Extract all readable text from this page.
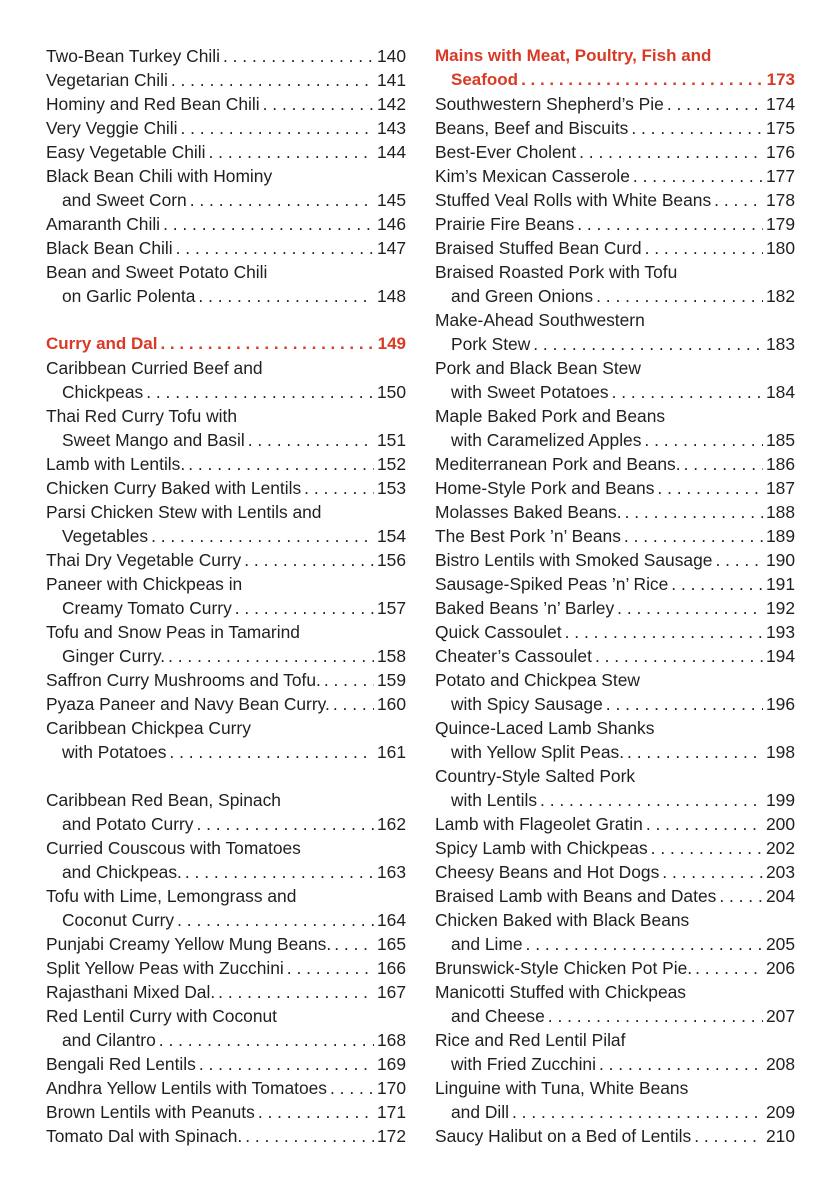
Two-Bean Turkey Chili . . .	140
Vegetarian Chili . . .	141
Hominy and Red Bean Chili . . .	142
Very Veggie Chili . . .	143
Easy Vegetable Chili . . .	144
Black Bean Chili with Hominy
and Sweet Corn . . .	145
Amaranth Chili . . .	146
Black Bean Chili . . .	147
Bean and Sweet Potato Chili
on Garlic Polenta . . .	148
Curry and Dal . . .	149
Caribbean Curried Beef and
Chickpeas . . .	150
Thai Red Curry Tofu with
Sweet Mango and Basil . . .	151
Lamb with Lentils. . . .	152
Chicken Curry Baked with Lentils . . .	153
Parsi Chicken Stew with Lentils and
Vegetables . . .	154
Thai Dry Vegetable Curry . . .	156
Paneer with Chickpeas in
Creamy Tomato Curry . . .	157
Tofu and Snow Peas in Tamarind
Ginger Curry. . . .	158
Saffron Curry Mushrooms and Tofu. . . .	159
Pyaza Paneer and Navy Bean Curry. . . .	160
Caribbean Chickpea Curry
with Potatoes . . .	161
Caribbean Red Bean, Spinach
and Potato Curry . . .	162
Curried Couscous with Tomatoes
and Chickpeas. . . .	163
Tofu with Lime, Lemongrass and
Coconut Curry . . .	164
Punjabi Creamy Yellow Mung Beans. . . .	165
Split Yellow Peas with Zucchini . . .	166
Rajasthani Mixed Dal. . . .	167
Red Lentil Curry with Coconut
and Cilantro . . .	168
Bengali Red Lentils . . .	169
Andhra Yellow Lentils with Tomatoes . . .	170
Brown Lentils with Peanuts . . .	171
Tomato Dal with Spinach. . . .	172
Mains with Meat, Poultry, Fish and
Seafood . . .	173
Southwestern Shepherd’s Pie . . .	174
Beans, Beef and Biscuits . . .	175
Best-Ever Cholent . . .	176
Kim’s Mexican Casserole . . .	177
Stuffed Veal Rolls with White Beans . . .	178
Prairie Fire Beans . . .	179
Braised Stuffed Bean Curd . . .	180
Braised Roasted Pork with Tofu
and Green Onions . . .	182
Make-Ahead Southwestern
Pork Stew . . .	183
Pork and Black Bean Stew
with Sweet Potatoes . . .	184
Maple Baked Pork and Beans
with Caramelized Apples . . .	185
Mediterranean Pork and Beans. . . .	186
Home-Style Pork and Beans . . .	187
Molasses Baked Beans. . . .	188
The Best Pork ’n’ Beans . . .	189
Bistro Lentils with Smoked Sausage . . .	190
Sausage-Spiked Peas ’n’ Rice . . .	191
Baked Beans ’n’ Barley . . .	192
Quick Cassoulet . . .	193
Cheater’s Cassoulet . . .	194
Potato and Chickpea Stew
with Spicy Sausage . . .	196
Quince-Laced Lamb Shanks
with Yellow Split Peas. . . .	198
Country-Style Salted Pork
with Lentils . . .	199
Lamb with Flageolet Gratin . . .	200
Spicy Lamb with Chickpeas . . .	202
Cheesy Beans and Hot Dogs . . .	203
Braised Lamb with Beans and Dates . . .	204
Chicken Baked with Black Beans
and Lime . . .	205
Brunswick-Style Chicken Pot Pie. . . .	206
Manicotti Stuffed with Chickpeas
and Cheese . . .	207
Rice and Red Lentil Pilaf
with Fried Zucchini . . .	208
Linguine with Tuna, White Beans
and Dill . . .	209
Saucy Halibut on a Bed of Lentils . . .	210
